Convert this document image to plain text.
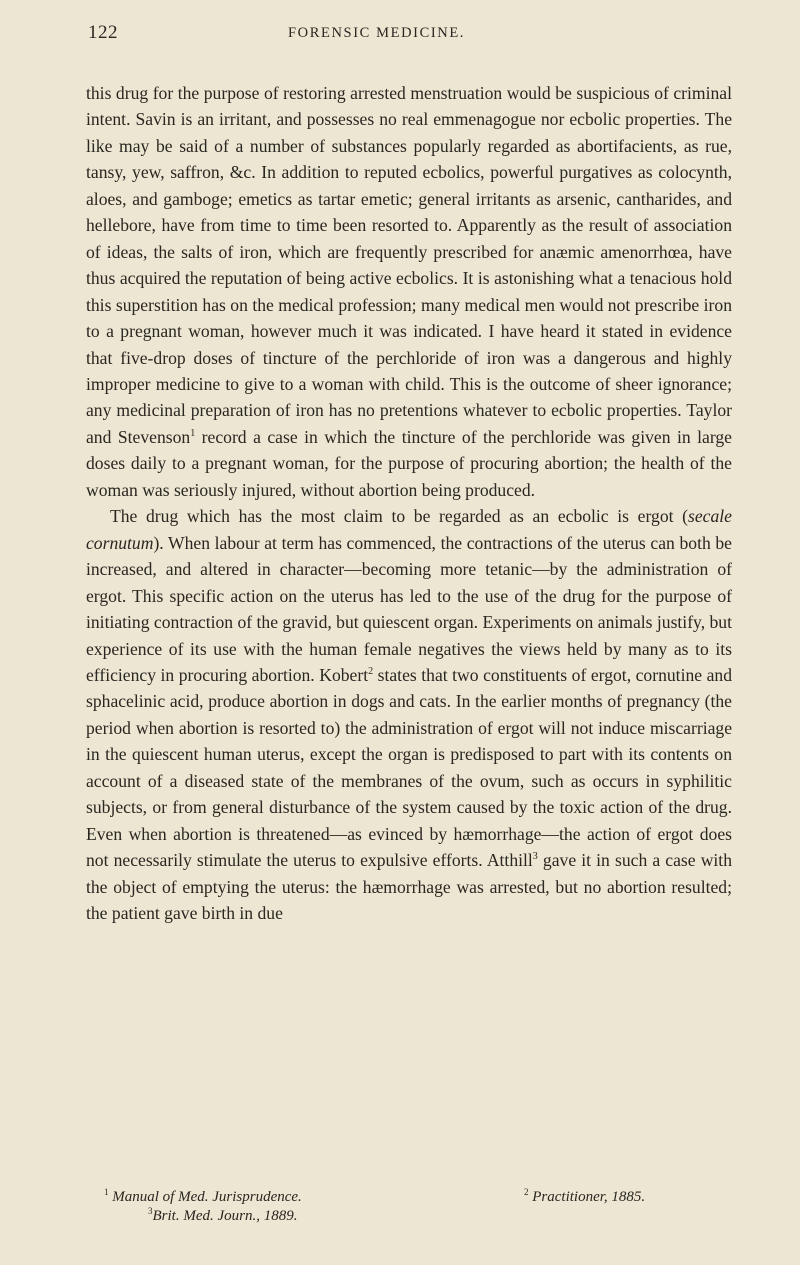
122	FORENSIC MEDICINE.

this drug for the purpose of restoring arrested menstruation would be suspicious of criminal intent. Savin is an irritant, and possesses no real emmenagogue nor ecbolic properties. The like may be said of a number of substances popularly regarded as abortifacients, as rue, tansy, yew, saffron, &c. In addition to reputed ecbolics, powerful purgatives as colocynth, aloes, and gamboge; emetics as tartar emetic; general irritants as arsenic, cantharides, and hellebore, have from time to time been resorted to. Apparently as the result of association of ideas, the salts of iron, which are frequently prescribed for anæmic amenorrhœa, have thus acquired the reputation of being active ecbolics. It is astonishing what a tenacious hold this superstition has on the medical profession; many medical men would not prescribe iron to a pregnant woman, however much it was indicated. I have heard it stated in evidence that five-drop doses of tincture of the perchloride of iron was a dangerous and highly improper medicine to give to a woman with child. This is the outcome of sheer ignorance; any medicinal preparation of iron has no pretentions whatever to ecbolic properties. Taylor and Stevenson$^1$ record a case in which the tincture of the perchloride was given in large doses daily to a pregnant woman, for the purpose of procuring abortion; the health of the woman was seriously injured, without abortion being produced.

The drug which has the most claim to be regarded as an ecbolic is ergot (secale cornutum). When labour at term has commenced, the contractions of the uterus can both be increased, and altered in character—becoming more tetanic—by the administration of ergot. This specific action on the uterus has led to the use of the drug for the purpose of initiating contraction of the gravid, but quiescent organ. Experiments on animals justify, but experience of its use with the human female negatives the views held by many as to its efficiency in procuring abortion. Kobert$^2$ states that two constituents of ergot, cornutine and sphacelinic acid, produce abortion in dogs and cats. In the earlier months of pregnancy (the period when abortion is resorted to) the administration of ergot will not induce miscarriage in the quiescent human uterus, except the organ is predisposed to part with its contents on account of a diseased state of the membranes of the ovum, such as occurs in syphilitic subjects, or from general disturbance of the system caused by the toxic action of the drug. Even when abortion is threatened—as evinced by hæmorrhage—the action of ergot does not necessarily stimulate the uterus to expulsive efforts. Atthill$^3$ gave it in such a case with the object of emptying the uterus: the hæmorrhage was arrested, but no abortion resulted; the patient gave birth in due

$^1$ Manual of Med. Jurisprudence.	$^2$ Practitioner, 1885.
$^3$Brit. Med. Journ., 1889.
